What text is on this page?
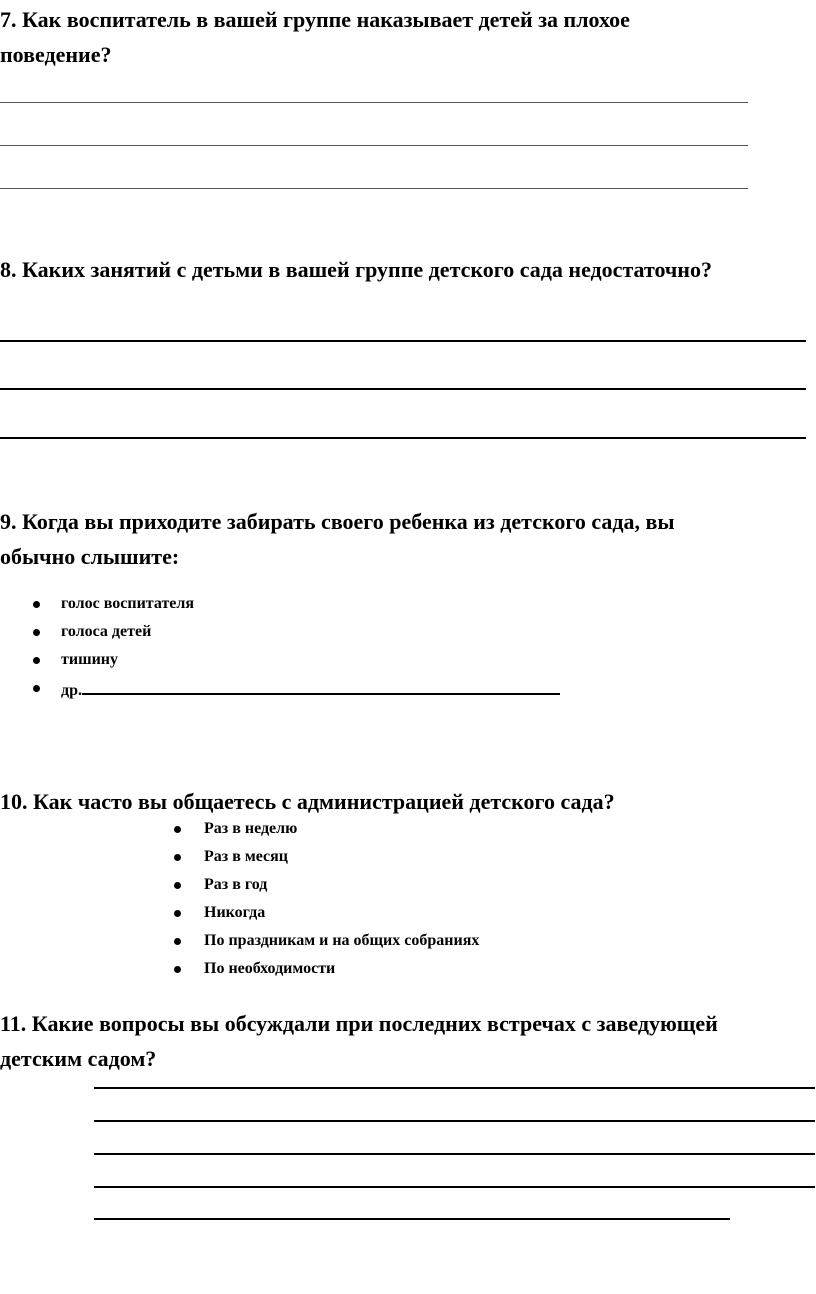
7. Как воспитатель в вашей группе наказывает детей за плохое
поведение?
8. Каких занятий с детьми в вашей группе детского сада недостаточно?
9. Когда вы приходите забирать своего ребенка из детского сада, вы
обычно слышите:
голос воспитателя
голоса детей
тишину
др.
10. Как часто вы общаетесь с администрацией детского сада?
Раз в неделю
Раз в месяц
Раз в год
Никогда
По праздникам и на общих собраниях
По необходимости
11. Какие вопросы вы обсуждали при последних встречах с заведующей
детским садом?
